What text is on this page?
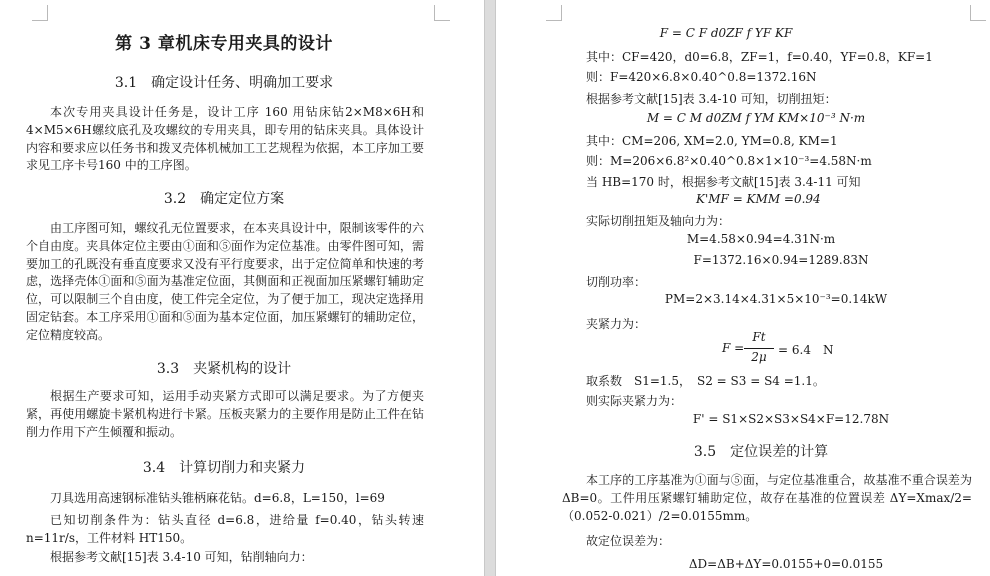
第 3 章机床专用夹具的设计
3.1　确定设计任务、明确加工要求
本次专用夹具设计任务是，设计工序 160 用钻床钻2×M8×6H和4×M5×6H螺纹底孔及攻螺纹的专用夹具，即专用的钻床夹具。具体设计内容和要求应以任务书和拨叉壳体机械加工工艺规程为依据，本工序加工要求见工序卡号160 中的工序图。
3.2　确定定位方案
由工序图可知，螺纹孔无位置要求，在本夹具设计中，限制该零件的六个自由度。夹具体定位主要由①面和⑤面作为定位基准。由零件图可知，需要加工的孔既没有垂直度要求又没有平行度要求，出于定位简单和快速的考虑，选择壳体①面和⑤面为基准定位面，其侧面和正视面加压紧螺钉辅助定位，可以限制三个自由度，使工件完全定位，为了便于加工，现决定选择用固定钻套。本工序采用①面和⑤面为基本定位面，加压紧螺钉的辅助定位，定位精度较高。
3.3　夹紧机构的设计
根据生产要求可知，运用手动夹紧方式即可以满足要求。为了方便夹紧，再使用螺旋卡紧机构进行卡紧。压板夹紧力的主要作用是防止工件在钻削力作用下产生倾覆和振动。
3.4　计算切削力和夹紧力
刀具选用高速钢标准钻头锥柄麻花钻。d=6.8，L=150，l=69
已知切削条件为：钻头直径 d=6.8，进给量 f=0.40，钻头转速 n=11r/s，工件材料 HT150。
根据参考文献[15]表 3.4-10 可知，钻削轴向力：
F = C F d0ZF f YF KF
其中：CF=420，d0=6.8，ZF=1，f=0.40，YF=0.8，KF=1
则：F=420×6.8×0.40^0.8=1372.16N
根据参考文献[15]表 3.4-10 可知，切削扭矩：
M = C M d0ZM f YM KM×10⁻³ N·m
其中：CM=206, XM=2.0, YM=0.8, KM=1
则：M=206×6.8²×0.40^0.8×1×10⁻³=4.58N·m
当 HB=170 时，根据参考文献[15]表 3.4-11 可知
K'MF = KMM =0.94
实际切削扭矩及轴向力为：
M=4.58×0.94=4.31N·m
F=1372.16×0.94=1289.83N
切削功率：
PM=2×3.14×4.31×5×10⁻³=0.14kW
夹紧力为：
F =
Ft
2μ = 6.4　N
取系数　S1=1.5，　S2 = S3 = S4 =1.1。
则实际夹紧力为：
F' = S1×S2×S3×S4×F=12.78N
3.5　定位误差的计算
本工序的工序基准为①面与⑤面，与定位基准重合，故基准不重合误差为 ΔB=0。工件用压紧螺钉辅助定位，故存在基准的位置误差 ΔY=Xmax/2=（0.052-0.021）/2=0.0155mm。
故定位误差为：
ΔD=ΔB+ΔY=0.0155+0=0.0155
